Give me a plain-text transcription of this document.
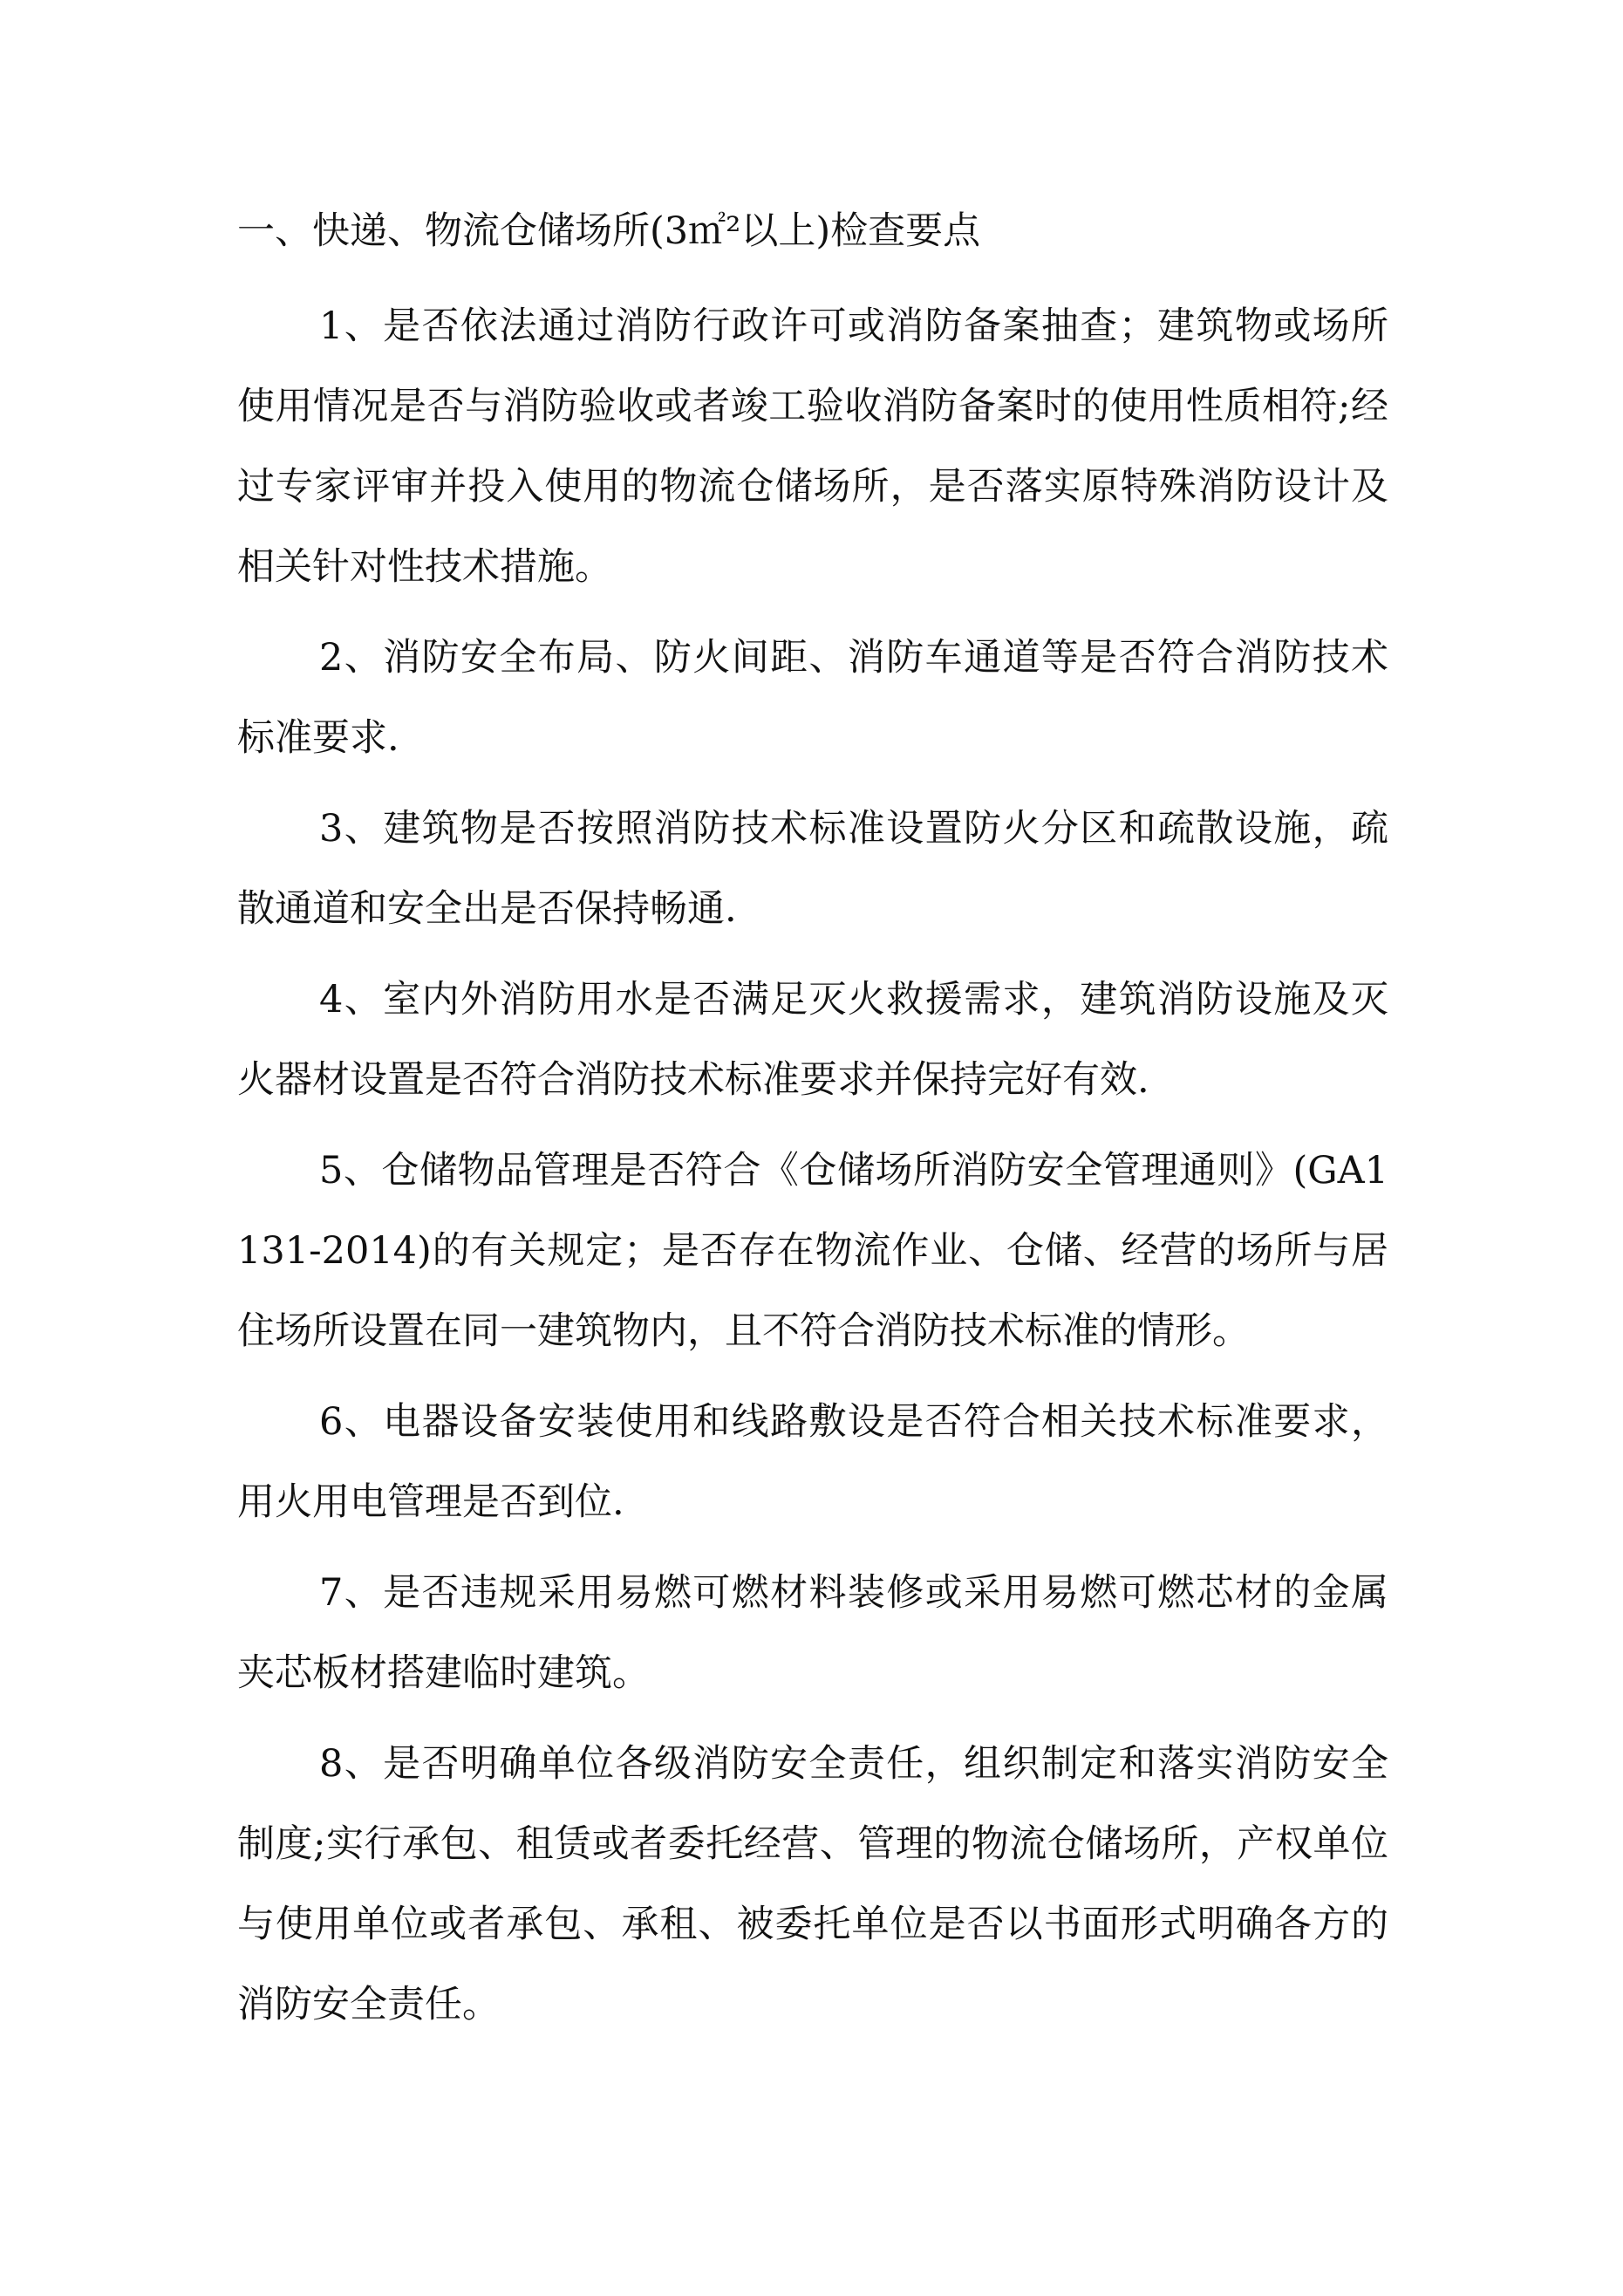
一、快递、物流仓储场所(3㎡²以上)检查要点

1、是否依法通过消防行政许可或消防备案抽查；建筑物或场所使用情况是否与消防验收或者竣工验收消防备案时的使用性质相符;经过专家评审并投入使用的物流仓储场所，是否落实原特殊消防设计及相关针对性技术措施。

2、消防安全布局、防火间距、消防车通道等是否符合消防技术标准要求.

3、建筑物是否按照消防技术标准设置防火分区和疏散设施，疏散通道和安全出是否保持畅通.

4、室内外消防用水是否满足灭火救援需求，建筑消防设施及灭火器材设置是否符合消防技术标准要求并保持完好有效.

5、仓储物品管理是否符合《仓储场所消防安全管理通则》(GA1131-2014)的有关规定；是否存在物流作业、仓储、经营的场所与居住场所设置在同一建筑物内，且不符合消防技术标准的情形。

6、电器设备安装使用和线路敷设是否符合相关技术标准要求，用火用电管理是否到位.

7、是否违规采用易燃可燃材料装修或采用易燃可燃芯材的金属夹芯板材搭建临时建筑。

8、是否明确单位各级消防安全责任，组织制定和落实消防安全制度;实行承包、租赁或者委托经营、管理的物流仓储场所，产权单位与使用单位或者承包、承租、被委托单位是否以书面形式明确各方的消防安全责任。
